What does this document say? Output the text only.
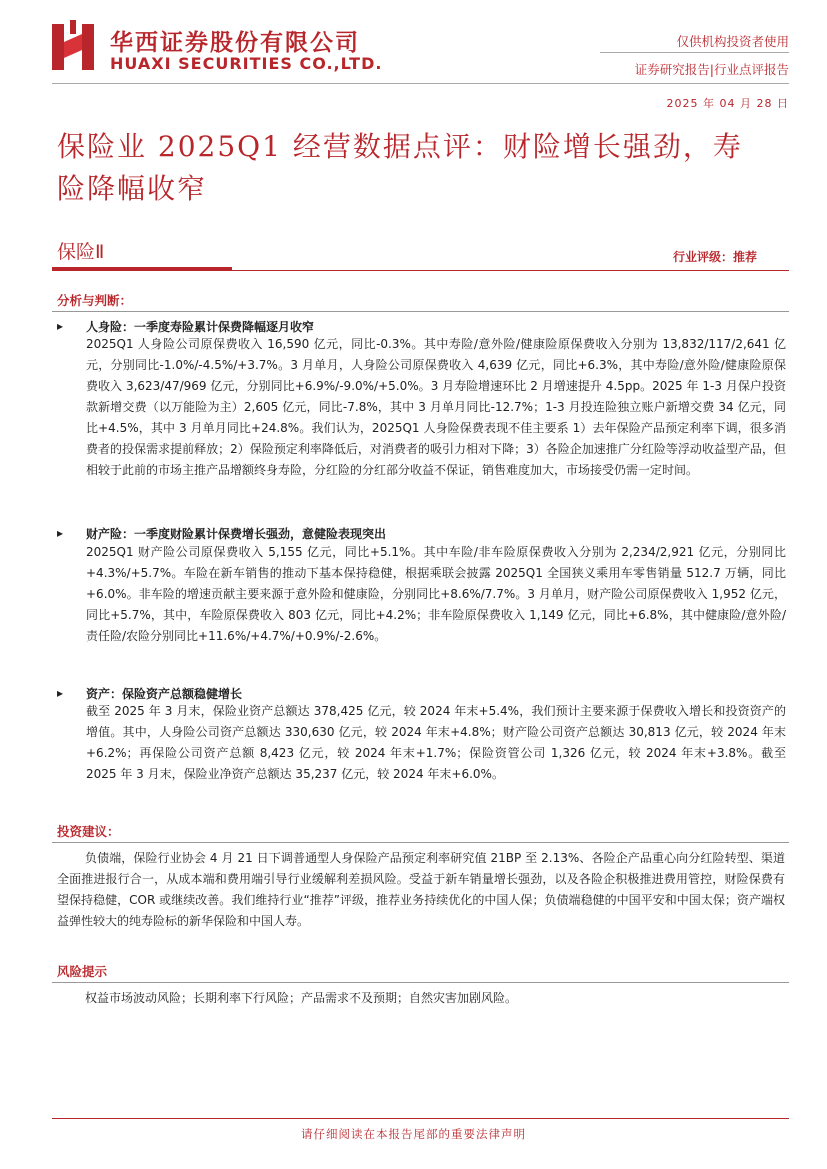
华西证券股份有限公司
HUAXI SECURITIES CO.,LTD.
仅供机构投资者使用
证券研究报告|行业点评报告
2025 年 04 月 28 日
保险业 2025Q1 经营数据点评：财险增长强劲，寿险降幅收窄
保险Ⅱ	行业评级：推荐
分析与判断：
▸ 人身险：一季度寿险累计保费降幅逐月收窄
2025Q1 人身险公司原保费收入 16,590 亿元，同比-0.3%。其中寿险/意外险/健康险原保费收入分别为 13,832/117/2,641 亿元，分别同比-1.0%/-4.5%/+3.7%。3 月单月，人身险公司原保费收入 4,639 亿元，同比+6.3%，其中寿险/意外险/健康险原保费收入 3,623/47/969 亿元，分别同比+6.9%/-9.0%/+5.0%。3 月寿险增速环比 2 月增速提升 4.5pp。2025 年 1-3 月保户投资款新增交费（以万能险为主）2,605 亿元，同比-7.8%，其中 3 月单月同比-12.7%；1-3 月投连险独立账户新增交费 34 亿元，同比+4.5%，其中 3 月单月同比+24.8%。我们认为，2025Q1 人身险保费表现不佳主要系 1）去年保险产品预定利率下调，很多消费者的投保需求提前释放；2）保险预定利率降低后，对消费者的吸引力相对下降；3）各险企加速推广分红险等浮动收益型产品，但相较于此前的市场主推产品增额终身寿险，分红险的分红部分收益不保证，销售难度加大，市场接受仍需一定时间。
▸ 财产险：一季度财险累计保费增长强劲，意健险表现突出
2025Q1 财产险公司原保费收入 5,155 亿元，同比+5.1%。其中车险/非车险原保费收入分别为 2,234/2,921 亿元，分别同比+4.3%/+5.7%。车险在新车销售的推动下基本保持稳健，根据乘联会披露 2025Q1 全国狭义乘用车零售销量 512.7 万辆，同比+6.0%。非车险的增速贡献主要来源于意外险和健康险，分别同比+8.6%/7.7%。3 月单月，财产险公司原保费收入 1,952 亿元，同比+5.7%，其中，车险原保费收入 803 亿元，同比+4.2%；非车险原保费收入 1,149 亿元，同比+6.8%，其中健康险/意外险/责任险/农险分别同比+11.6%/+4.7%/+0.9%/-2.6%。
▸ 资产：保险资产总额稳健增长
截至 2025 年 3 月末，保险业资产总额达 378,425 亿元，较 2024 年末+5.4%，我们预计主要来源于保费收入增长和投资资产的增值。其中，人身险公司资产总额达 330,630 亿元，较 2024 年末+4.8%；财产险公司资产总额达 30,813 亿元，较 2024 年末+6.2%；再保险公司资产总额 8,423 亿元，较 2024 年末+1.7%；保险资管公司 1,326 亿元，较 2024 年末+3.8%。截至 2025 年 3 月末，保险业净资产总额达 35,237 亿元，较 2024 年末+6.0%。
投资建议：
负债端，保险行业协会 4 月 21 日下调普通型人身保险产品预定利率研究值 21BP 至 2.13%、各险企产品重心向分红险转型、渠道全面推进报行合一，从成本端和费用端引导行业缓解利差损风险。受益于新车销量增长强劲，以及各险企积极推进费用管控，财险保费有望保持稳健，COR 或继续改善。我们维持行业“推荐”评级，推荐业务持续优化的中国人保；负债端稳健的中国平安和中国太保；资产端权益弹性较大的纯寿险标的新华保险和中国人寿。
风险提示
权益市场波动风险；长期利率下行风险；产品需求不及预期；自然灾害加剧风险。
请仔细阅读在本报告尾部的重要法律声明
